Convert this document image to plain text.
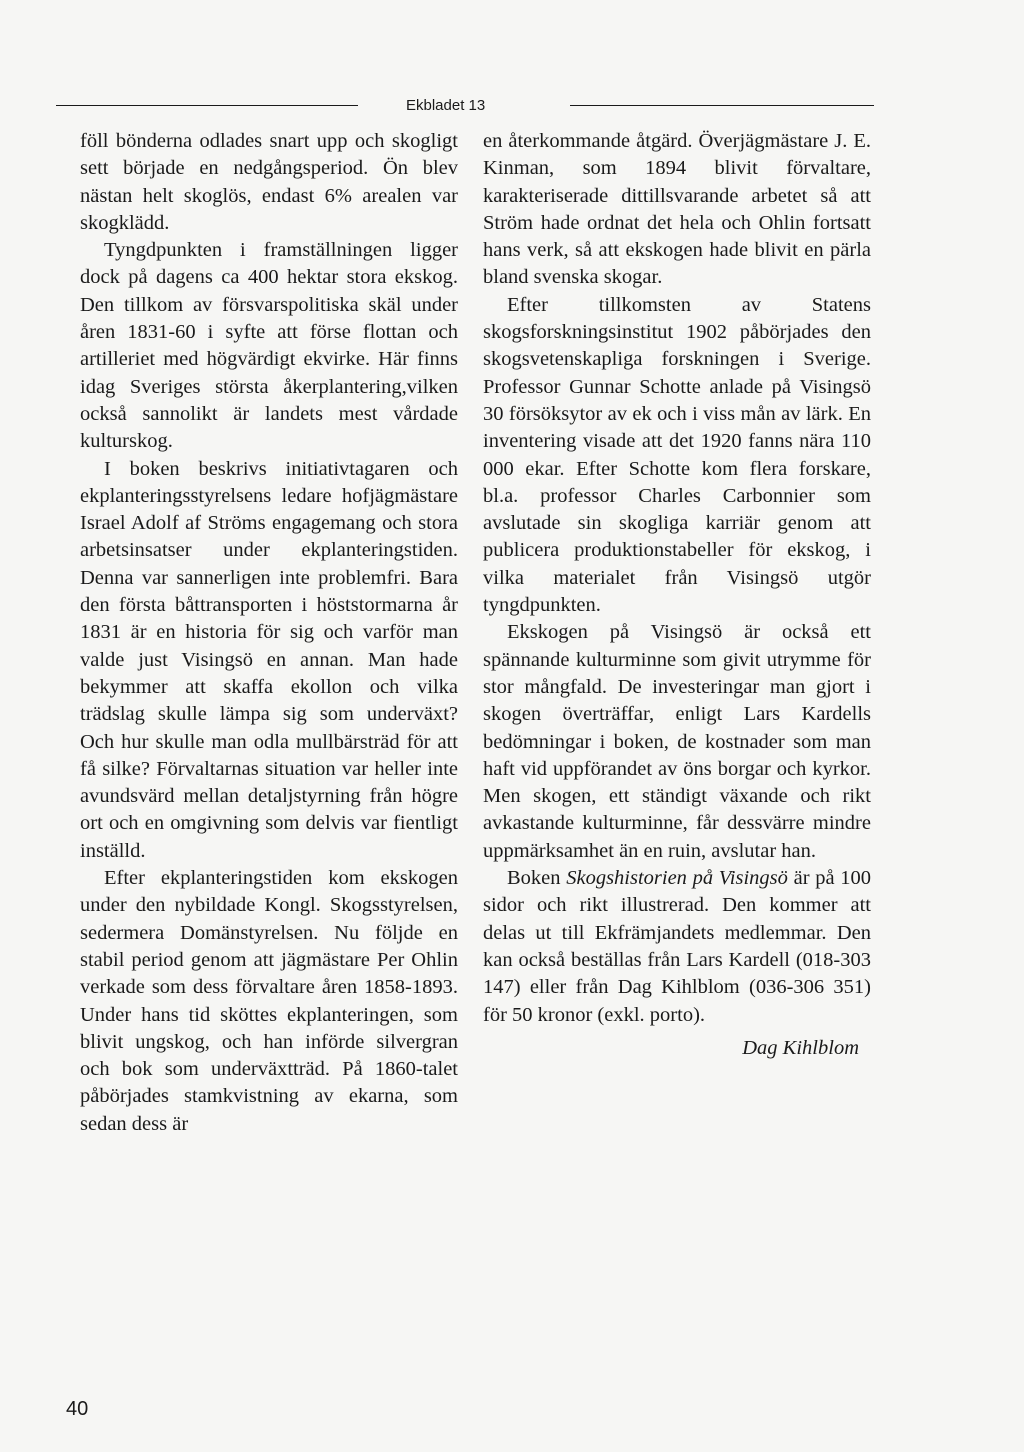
Ekbladet 13

föll bönderna odlades snart upp och skogligt sett började en nedgångsperiod. Ön blev nästan helt skoglös, endast 6% arealen var skogklädd.

Tyngdpunkten i framställningen ligger dock på dagens ca 400 hektar stora ekskog. Den tillkom av försvarspolitiska skäl under åren 1831-60 i syfte att förse flottan och artilleriet med högvärdigt ekvirke. Här finns idag Sveriges största åkerplantering,vilken också sannolikt är landets mest vårdade kulturskog.

I boken beskrivs initiativtagaren och ekplanteringsstyrelsens ledare hofjägmästare Israel Adolf af Ströms engagemang och stora arbetsinsatser under ekplanteringstiden. Denna var sannerligen inte problemfri. Bara den första båttransporten i höststormarna år 1831 är en historia för sig och varför man valde just Visingsö en annan. Man hade bekymmer att skaffa ekollon och vilka trädslag skulle lämpa sig som underväxt? Och hur skulle man odla mullbärsträd för att få silke? Förvaltarnas situation var heller inte avundsvärd mellan detaljstyrning från högre ort och en omgivning som delvis var fientligt inställd.

Efter ekplanteringstiden kom ekskogen under den nybildade Kongl. Skogsstyrelsen, sedermera Domänstyrelsen. Nu följde en stabil period genom att jägmästare Per Ohlin verkade som dess förvaltare åren 1858-1893. Under hans tid sköttes ekplanteringen, som blivit ungskog, och han införde silvergran och bok som underväxtträd. På 1860-talet påbörjades stamkvistning av ekarna, som sedan dess är

en återkommande åtgärd. Överjägmästare J. E. Kinman, som 1894 blivit förvaltare, karakteriserade dittillsvarande arbetet så att Ström hade ordnat det hela och Ohlin fortsatt hans verk, så att ekskogen hade blivit en pärla bland svenska skogar.

Efter tillkomsten av Statens skogsforskningsinstitut 1902 påbörjades den skogsvetenskapliga forskningen i Sverige. Professor Gunnar Schotte anlade på Visingsö 30 försöksytor av ek och i viss mån av lärk. En inventering visade att det 1920 fanns nära 110 000 ekar. Efter Schotte kom flera forskare, bl.a. professor Charles Carbonnier som avslutade sin skogliga karriär genom att publicera produktionstabeller för ekskog, i vilka materialet från Visingsö utgör tyngdpunkten.

Ekskogen på Visingsö är också ett spännande kulturminne som givit utrymme för stor mångfald. De investeringar man gjort i skogen överträffar, enligt Lars Kardells bedömningar i boken, de kostnader som man haft vid uppförandet av öns borgar och kyrkor. Men skogen, ett ständigt växande och rikt avkastande kulturminne, får dessvärre mindre uppmärksamhet än en ruin, avslutar han.

Boken Skogshistorien på Visingsö är på 100 sidor och rikt illustrerad. Den kommer att delas ut till Ekfrämjandets medlemmar. Den kan också beställas från Lars Kardell (018-303 147) eller från Dag Kihlblom (036-306 351) för 50 kronor (exkl. porto).

Dag Kihlblom
40
